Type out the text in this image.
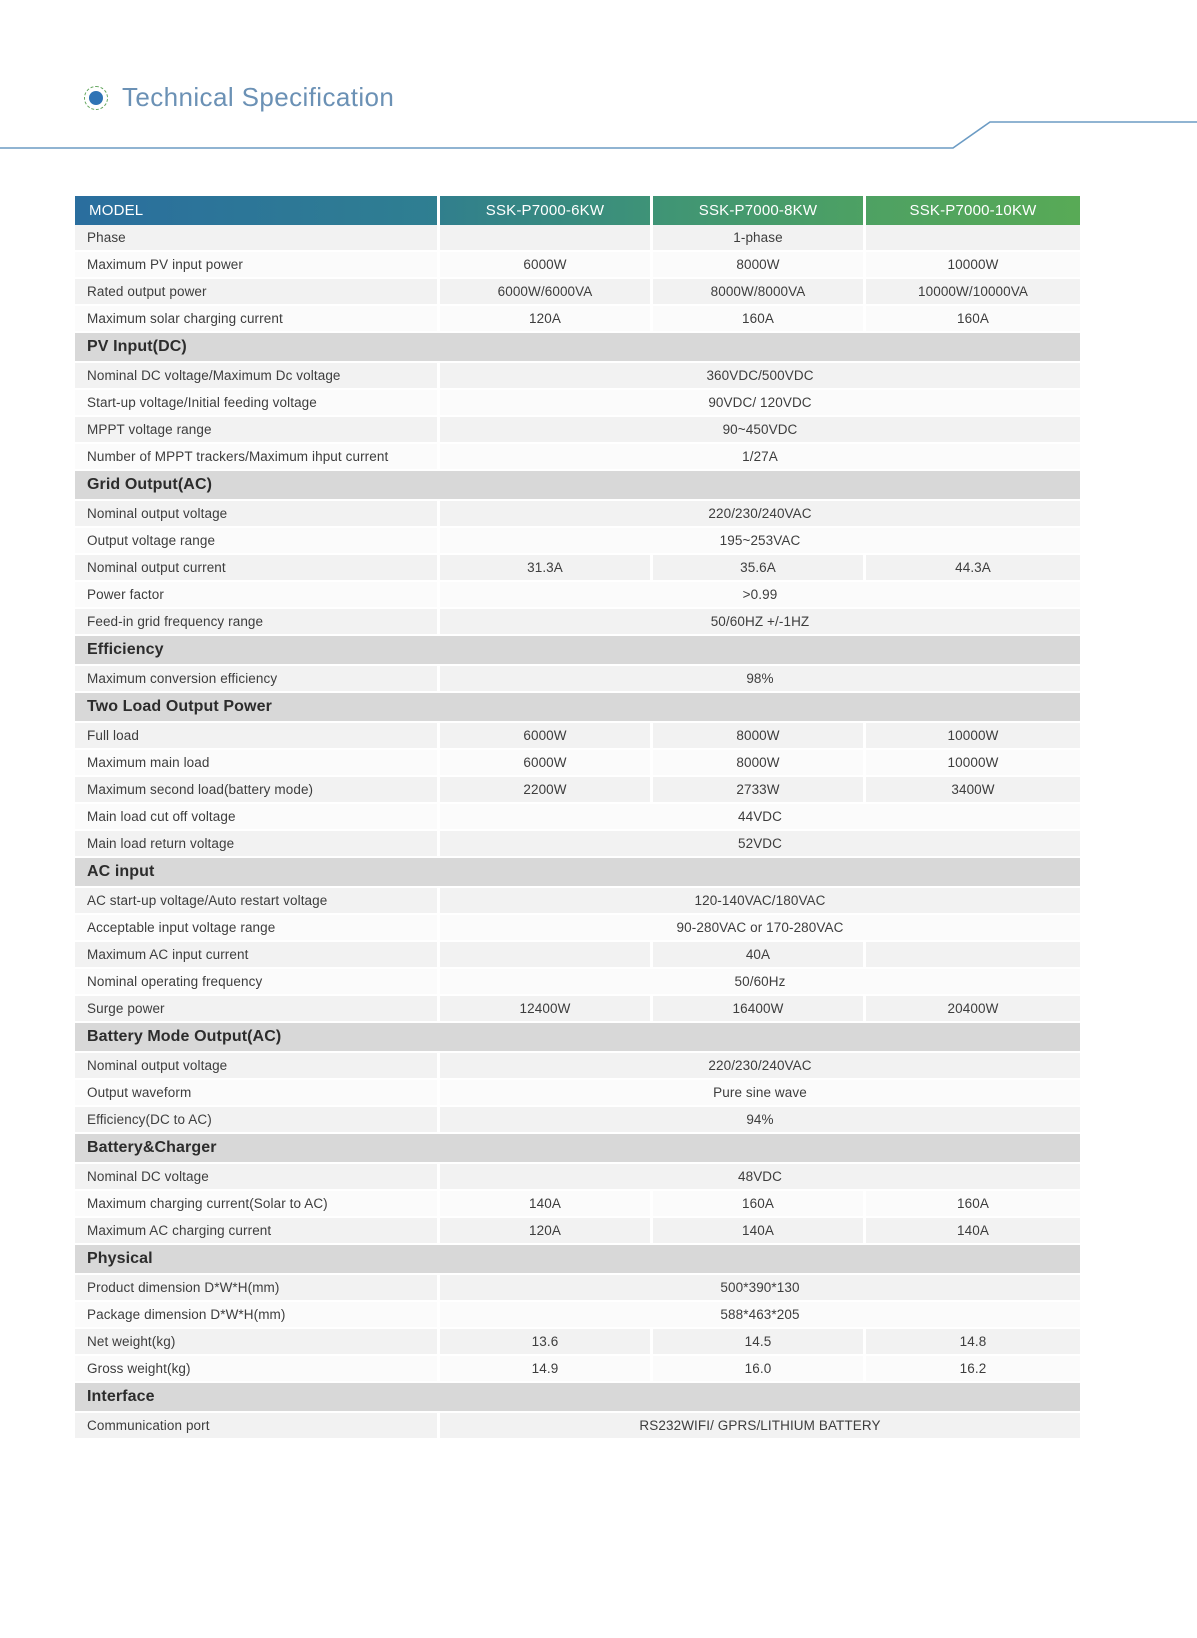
Technical Specification
MODEL	SSK-P7000-6KW	SSK-P7000-8KW	SSK-P7000-10KW
Phase		1-phase	
Maximum PV input power	6000W	8000W	10000W
Rated output power	6000W/6000VA	8000W/8000VA	10000W/10000VA
Maximum solar charging current	120A	160A	160A
PV Input(DC)			
Nominal DC voltage/Maximum Dc voltage	360VDC/500VDC		
Start-up voltage/Initial feeding voltage	90VDC/ 120VDC		
MPPT voltage range	90~450VDC		
Number of MPPT trackers/Maximum ihput current	1/27A		
Grid Output(AC)			
Nominal output voltage	220/230/240VAC		
Output voltage range	195~253VAC		
Nominal output current	31.3A	35.6A	44.3A
Power factor	>0.99		
Feed-in grid frequency range	50/60HZ +/-1HZ		
Efficiency			
Maximum conversion efficiency	98%		
Two Load Output Power			
Full load	6000W	8000W	10000W
Maximum main load	6000W	8000W	10000W
Maximum second load(battery mode)	2200W	2733W	3400W
Main load cut off voltage	44VDC		
Main load return voltage	52VDC		
AC input			
AC start-up voltage/Auto restart voltage	120-140VAC/180VAC		
Acceptable input voltage range	90-280VAC or 170-280VAC		
Maximum AC input current		40A	
Nominal operating frequency	50/60Hz		
Surge power	12400W	16400W	20400W
Battery Mode Output(AC)			
Nominal output voltage	220/230/240VAC		
Output waveform	Pure sine wave		
Efficiency(DC to AC)	94%		
Battery&Charger			
Nominal DC voltage	48VDC		
Maximum charging current(Solar to AC)	140A	160A	160A
Maximum AC charging current	120A	140A	140A
Physical			
Product dimension D*W*H(mm)	500*390*130		
Package dimension D*W*H(mm)	588*463*205		
Net weight(kg)	13.6	14.5	14.8
Gross weight(kg)	14.9	16.0	16.2
Interface			
Communication port	RS232WIFI/ GPRS/LITHIUM BATTERY		
